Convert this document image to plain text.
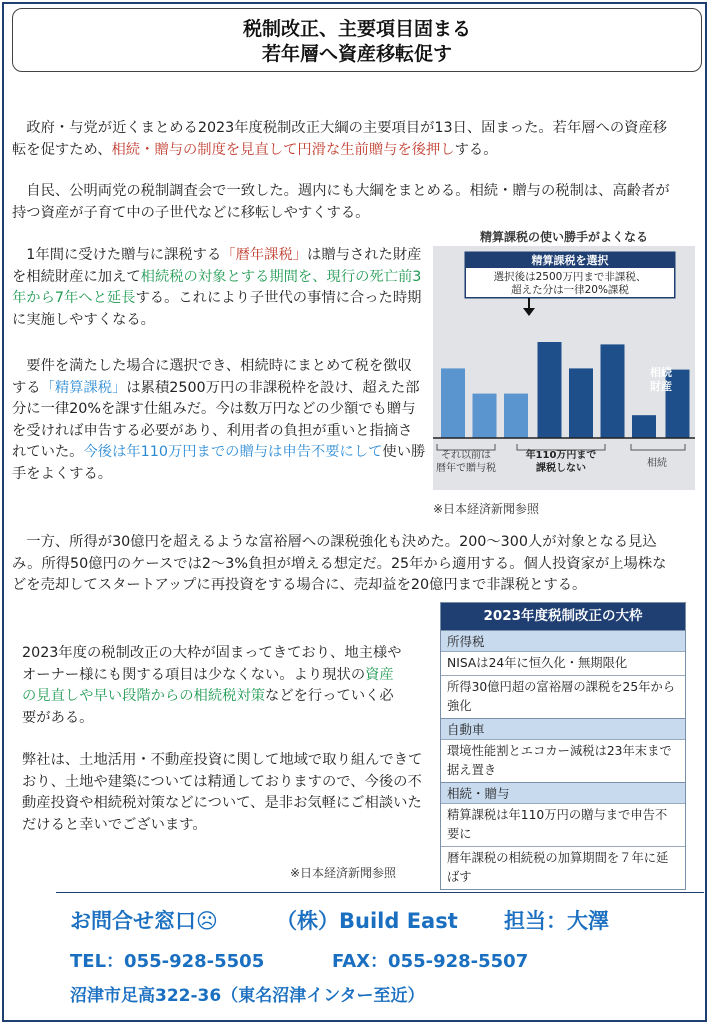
税制改正、主要項目固まる
若年層へ資産移転促す
　政府・与党が近くまとめる2023年度税制改正大綱の主要項目が13日、固まった。若年層への資産移転を促すため、相続・贈与の制度を見直して円滑な生前贈与を後押しする。
　自民、公明両党の税制調査会で一致した。週内にも大綱をまとめる。相続・贈与の税制は、高齢者が持つ資産が子育て中の子世代などに移転しやすくする。
　1年間に受けた贈与に課税する「暦年課税」は贈与された財産を相続財産に加えて相続税の対象とする期間を、現行の死亡前3年から7年へと延長する。これにより子世代の事情に合った時期に実施しやすくなる。
　要件を満たした場合に選択でき、相続時にまとめて税を徴収する「精算課税」は累積2500万円の非課税枠を設け、超えた部分に一律20%を課す仕組みだ。今は数万円などの少額でも贈与を受ければ申告する必要があり、利用者の負担が重いと指摘されていた。今後は年110万円までの贈与は申告不要にして使い勝手をよくする。
精算課税の使い勝手がよくなる
精算課税を選択
選択後は2500万円まで非課税、
超えた分は一律20%課税
相続
財産
それ以前は
暦年で贈与税
年110万円まで
課税しない	相続
※日本経済新聞参照
　一方、所得が30億円を超えるような富裕層への課税強化も決めた。200～300人が対象となる見込み。所得50億円のケースでは2～3%負担が増える想定だ。25年から適用する。個人投資家が上場株などを売却してスタートアップに再投資をする場合に、売却益を20億円まで非課税とする。
2023年度の税制改正の大枠が固まってきており、地主様やオーナー様にも関する項目は少なくない。より現状の資産の見直しや早い段階からの相続税対策などを行っていく必要がある。
弊社は、土地活用・不動産投資に関して地域で取り組んできており、土地や建築については精通しておりますので、今後の不動産投資や相続税対策などについて、是非お気軽にご相談いただけると幸いでございます。
※日本経済新聞参照
2023年度税制改正の大枠
所得税
NISAは24年に恒久化・無期限化
所得30億円超の富裕層の課税を25年から強化
自動車
環境性能割とエコカー減税は23年末まで据え置き
相続・贈与
精算課税は年110万円の贈与まで申告不要に
暦年課税の相続税の加算期間を７年に延ばす
お問合せ窓口☹	（株）Build East 担当：大澤
TEL：055-928-5505	FAX：055-928-5507
沼津市足高322-36（東名沼津インター至近）
